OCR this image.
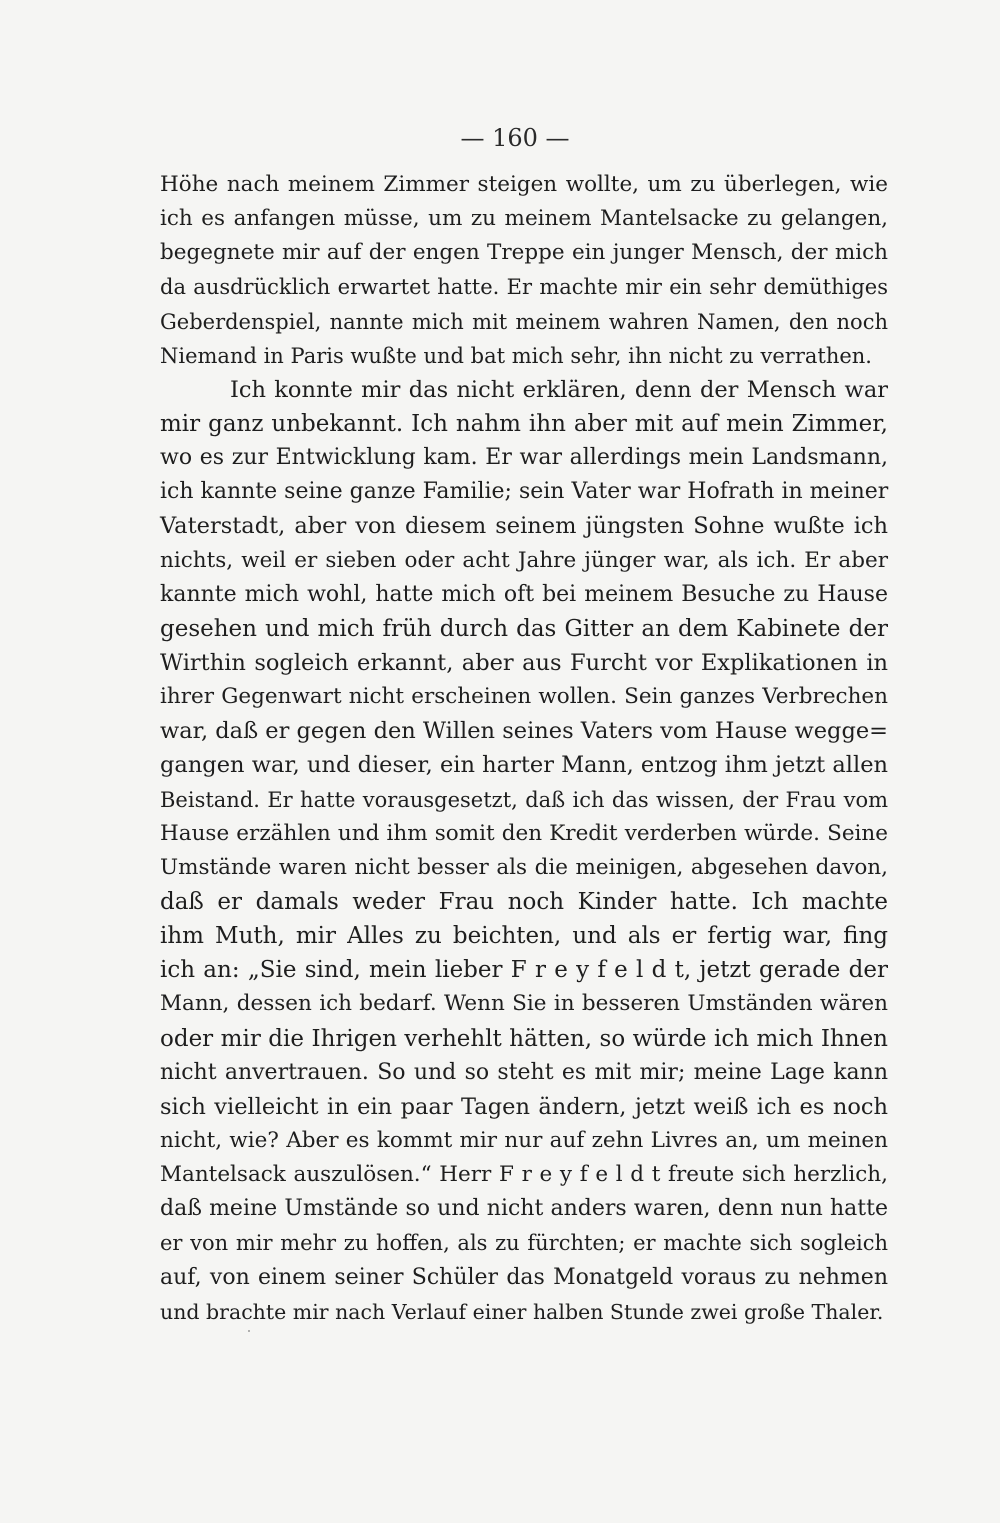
— 160 —
Höhe nach meinem Zimmer steigen wollte, um zu überlegen, wie
ich es anfangen müsse, um zu meinem Mantelsacke zu gelangen,
begegnete mir auf der engen Treppe ein junger Mensch, der mich
da ausdrücklich erwartet hatte. Er machte mir ein sehr demüthiges
Geberdenspiel, nannte mich mit meinem wahren Namen, den noch
Niemand in Paris wußte und bat mich sehr, ihn nicht zu verrathen.
Ich konnte mir das nicht erklären, denn der Mensch war
mir ganz unbekannt. Ich nahm ihn aber mit auf mein Zimmer,
wo es zur Entwicklung kam. Er war allerdings mein Landsmann,
ich kannte seine ganze Familie; sein Vater war Hofrath in meiner
Vaterstadt, aber von diesem seinem jüngsten Sohne wußte ich
nichts, weil er sieben oder acht Jahre jünger war, als ich. Er aber
kannte mich wohl, hatte mich oft bei meinem Besuche zu Hause
gesehen und mich früh durch das Gitter an dem Kabinete der
Wirthin sogleich erkannt, aber aus Furcht vor Explikationen in
ihrer Gegenwart nicht erscheinen wollen. Sein ganzes Verbrechen
war, daß er gegen den Willen seines Vaters vom Hause wegge=
gangen war, und dieser, ein harter Mann, entzog ihm jetzt allen
Beistand. Er hatte vorausgesetzt, daß ich das wissen, der Frau vom
Hause erzählen und ihm somit den Kredit verderben würde. Seine
Umstände waren nicht besser als die meinigen, abgesehen davon,
daß er damals weder Frau noch Kinder hatte. Ich machte
ihm Muth, mir Alles zu beichten, und als er fertig war, fing
ich an: „Sie sind, mein lieber F r e y f e l d t, jetzt gerade der
Mann, dessen ich bedarf. Wenn Sie in besseren Umständen wären
oder mir die Ihrigen verhehlt hätten, so würde ich mich Ihnen
nicht anvertrauen. So und so steht es mit mir; meine Lage kann
sich vielleicht in ein paar Tagen ändern, jetzt weiß ich es noch
nicht, wie? Aber es kommt mir nur auf zehn Livres an, um meinen
Mantelsack auszulösen.“ Herr F r e y f e l d t freute sich herzlich,
daß meine Umstände so und nicht anders waren, denn nun hatte
er von mir mehr zu hoffen, als zu fürchten; er machte sich sogleich
auf, von einem seiner Schüler das Monatgeld voraus zu nehmen
und brachte mir nach Verlauf einer halben Stunde zwei große Thaler.
